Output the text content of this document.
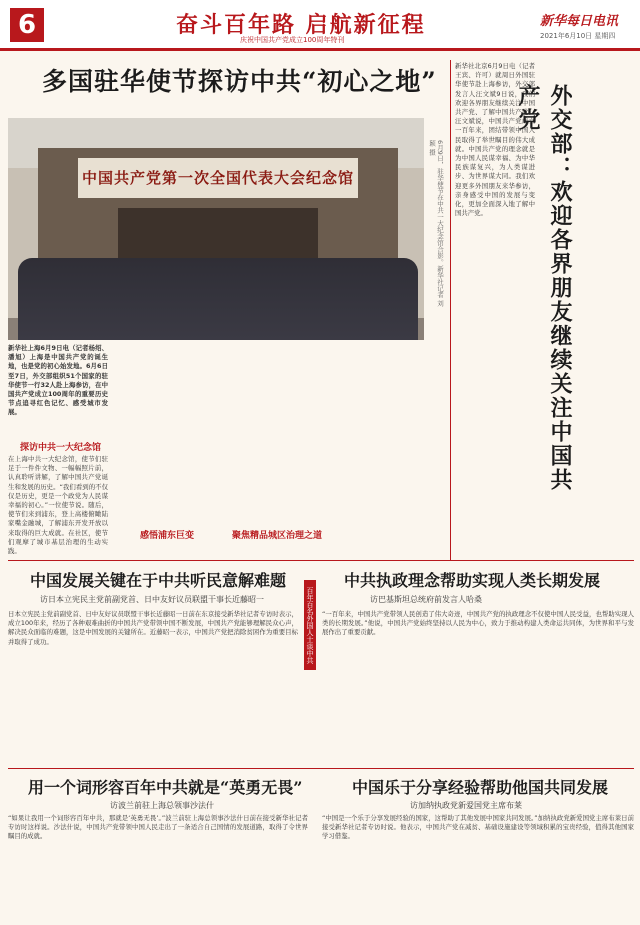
6	奋斗百年路 启航新征程
庆祝中国共产党成立100周年特刊
新华每日电讯
2021年6月10日 星期四
多国驻华使节探访中共“初心之地”
中国共产党第一次全国代表大会纪念馆	6月9日，驻华使节在中共一大纪念馆合影。新华社记者 刘颖 摄	外交部：欢迎各界朋友继续关注中国共产党
新华社北京6月9日电（记者王宾、许可）就周日外国驻华使节赴上海参访，外交部发言人汪文斌9日说，我们欢迎各界朋友继续关注中国共产党、了解中国共产党。汪文斌说，中国共产党成立一百年来，团结带领中国人民取得了举世瞩目的伟大成就。中国共产党的理念就是为中国人民谋幸福、为中华民族谋复兴，为人类谋进步、为世界谋大同。我们欢迎更多外国朋友来华参访，亲身感受中国的发展与变化，更加全面深入地了解中国共产党。
新华社上海6月9日电（记者杨绍、潘旭）上海是中国共产党的诞生地，也是党的初心始发地。6月6日至7日，外交部组织51个国家的驻华使节一行32人赴上海参访，在中国共产党成立100周年的重要历史节点追寻红色记忆、感受城市发展。
探访中共一大纪念馆
在上海中共一大纪念馆，使节们驻足于一件件文物、一幅幅照片前，认真聆听讲解，了解中国共产党诞生和发展的历史。“我们看到的不仅仅是历史，更是一个政党为人民谋幸福的初心。”一位使节说。随后，使节们来到浦东，登上高楼俯瞰陆家嘴金融城，了解浦东开发开放以来取得的巨大成就。在社区，使节们观摩了城市基层治理的生动实践。
感悟浦东巨变	聚焦精品城区治理之道
百年百名外国人士谈中共
中国发展关键在于中共听民意解难题
访日本立宪民主党前副党首、日中友好议员联盟干事长近藤昭一
日本立宪民主党前副党首、日中友好议员联盟干事长近藤昭一日前在东京接受新华社记者专访时表示，成立100年来，经历了各种艰难曲折的中国共产党带领中国不断发展，中国共产党能够理解民众心声，解决民众面临的难题，这是中国发展的关键所在。近藤昭一表示，中国共产党把消除贫困作为重要目标并取得了成功。
中共执政理念帮助实现人类长期发展
访巴基斯坦总统府前发言人哈桑
“一百年来，中国共产党带领人民创造了伟大奇迹，中国共产党的执政理念不仅使中国人民受益，也帮助实现人类的长期发展。”他说，中国共产党始终坚持以人民为中心，致力于推动构建人类命运共同体，为世界和平与发展作出了重要贡献。
用一个词形容百年中共就是“英勇无畏”
访波兰前驻上海总领事沙法什
“如果让我用一个词形容百年中共，那就是‘英勇无畏’。”波兰前驻上海总领事沙法什日前在接受新华社记者专访时这样说。沙法什说，中国共产党带领中国人民走出了一条适合自己国情的发展道路，取得了令世界瞩目的成就。
中国乐于分享经验帮助他国共同发展
访加纳执政党新爱国党主席布莱
“中国是一个乐于分享发展经验的国家，这帮助了其他发展中国家共同发展。”加纳执政党新爱国党主席布莱日前接受新华社记者专访时说。他表示，中国共产党在减贫、基础设施建设等领域积累的宝贵经验，值得其他国家学习借鉴。
